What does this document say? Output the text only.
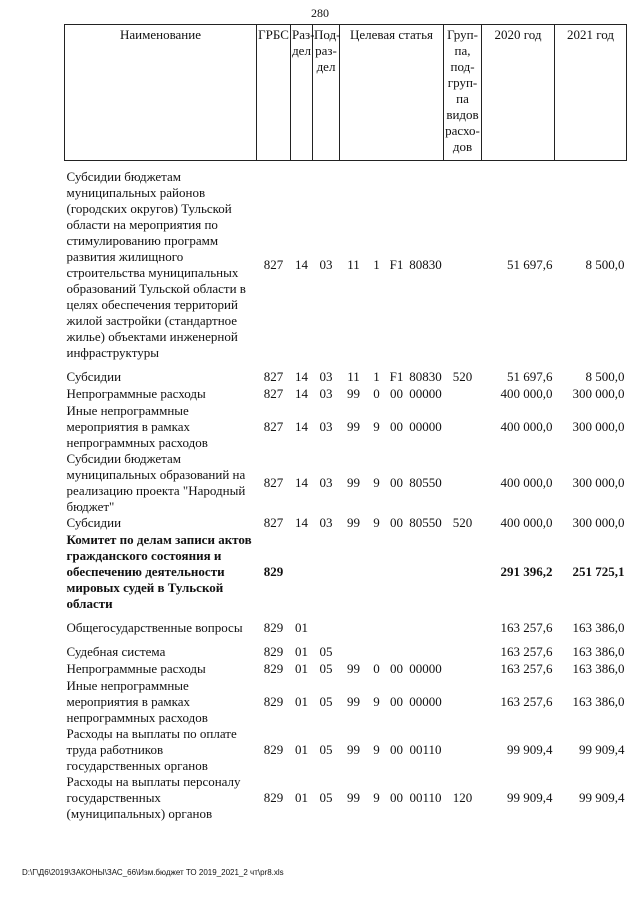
280
Наименование	ГРБС	Раз-дел	Под-раз-дел	Целевая статья				Груп-па, под-груп-па видов расхо-дов	2020 год	2021 год
Субсидии бюджетам муниципальных районов (городских округов) Тульской области на мероприятия по стимулированию программ развития жилищного строительства муниципальных образований Тульской области в целях обеспечения территорий жилой застройки (стандартное жилье) объектами инженерной инфраструктуры	827	14	03	11	1	F1	80830		51 697,6	8 500,0
Субсидии	827	14	03	11	1	F1	80830	520	51 697,6	8 500,0
Непрограммные расходы	827	14	03	99	0	00	00000		400 000,0	300 000,0
Иные непрограммные мероприятия в рамках непрограммных расходов	827	14	03	99	9	00	00000		400 000,0	300 000,0
Субсидии бюджетам муниципальных образований на реализацию проекта "Народный бюджет"	827	14	03	99	9	00	80550		400 000,0	300 000,0
Субсидии	827	14	03	99	9	00	80550	520	400 000,0	300 000,0
Комитет по делам записи актов гражданского состояния и обеспечению деятельности мировых судей в Тульской области	829								291 396,2	251 725,1
Общегосударственные вопросы	829	01							163 257,6	163 386,0
Судебная система	829	01	05						163 257,6	163 386,0
Непрограммные расходы	829	01	05	99	0	00	00000		163 257,6	163 386,0
Иные непрограммные мероприятия в рамках непрограммных расходов	829	01	05	99	9	00	00000		163 257,6	163 386,0
Расходы на выплаты по оплате труда работников государственных органов	829	01	05	99	9	00	00110		99 909,4	99 909,4
Расходы на выплаты персоналу государственных (муниципальных) органов	829	01	05	99	9	00	00110	120	99 909,4	99 909,4
D:\Г\Д6\2019\ЗАКОНЫ\ЗАС_66\Изм.бюджет ТО 2019_2021_2 чт\pr8.xls
